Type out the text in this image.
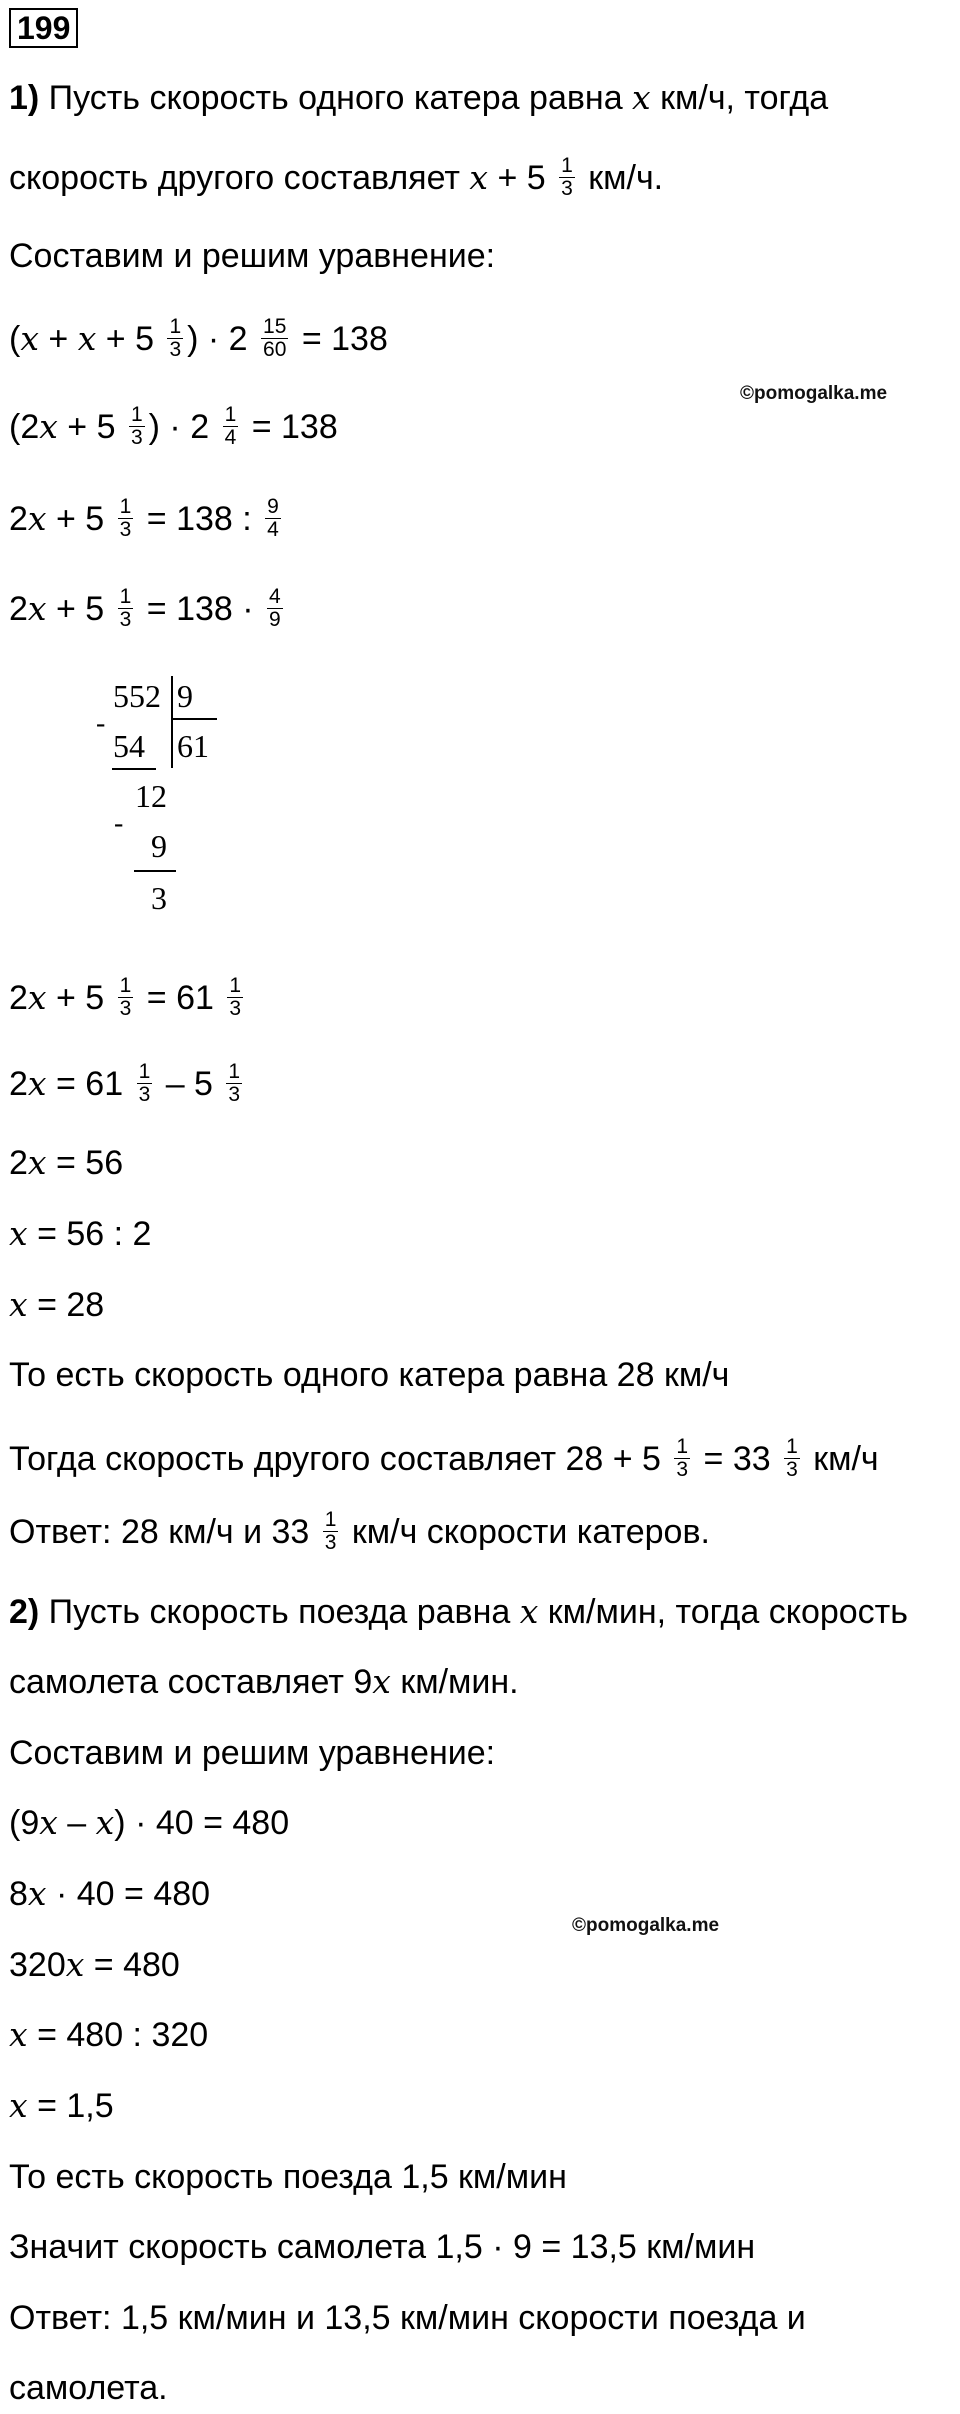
199
1) Пусть скорость одного катера равна x км/ч, тогда
скорость другого составляет $x + 5 \frac{1}{3} км/ч$.
Составим и решим уравнение:
( $x + x + 5 \frac{1}{3}$ ) · $2 \frac{15}{60} = 138$
©pomogalka.me
(2 $x + 5 \frac{1}{3}$ ) · $2 \frac{1}{4} = 138$
2 $x + 5 \frac{1}{3} = 138$ : $\frac{9}{4}$
2 $x + 5 \frac{1}{3} = 138 \cdot \frac{4}{9}$
552 9
-
54 61
12
-
9
3
2 $x + 5 \frac{1}{3} = 61 \frac{1}{3}$
2 $x = 61 \frac{1}{3} - 5 \frac{1}{3}$
2 x = 56
x = 56 : 2
x = 28
То есть скорость одного катера равна 28 км/ч
Тогда скорость другого составляет $28 + 5 \frac{1}{3} = 33 \frac{1}{3} км/ч$
Ответ: 28 км/ч и $33 \frac{1}{3} км/ч$ скорости катеров.
2) Пусть скорость поезда равна x км/мин, тогда скорость
самолета составляет 9 x км/мин.
Составим и решим уравнение:
(9 x – x ) · 40 = 480
8 x · 40 = 480
©pomogalka.me
320 x = 480
x = 480 : 320
x = 1,5
То есть скорость поезда 1,5 км/мин
Значит скорость самолета 1,5 · 9 = 13,5 км/мин
Ответ: 1,5 км/мин и 13,5 км/мин скорости поезда и
самолета.
